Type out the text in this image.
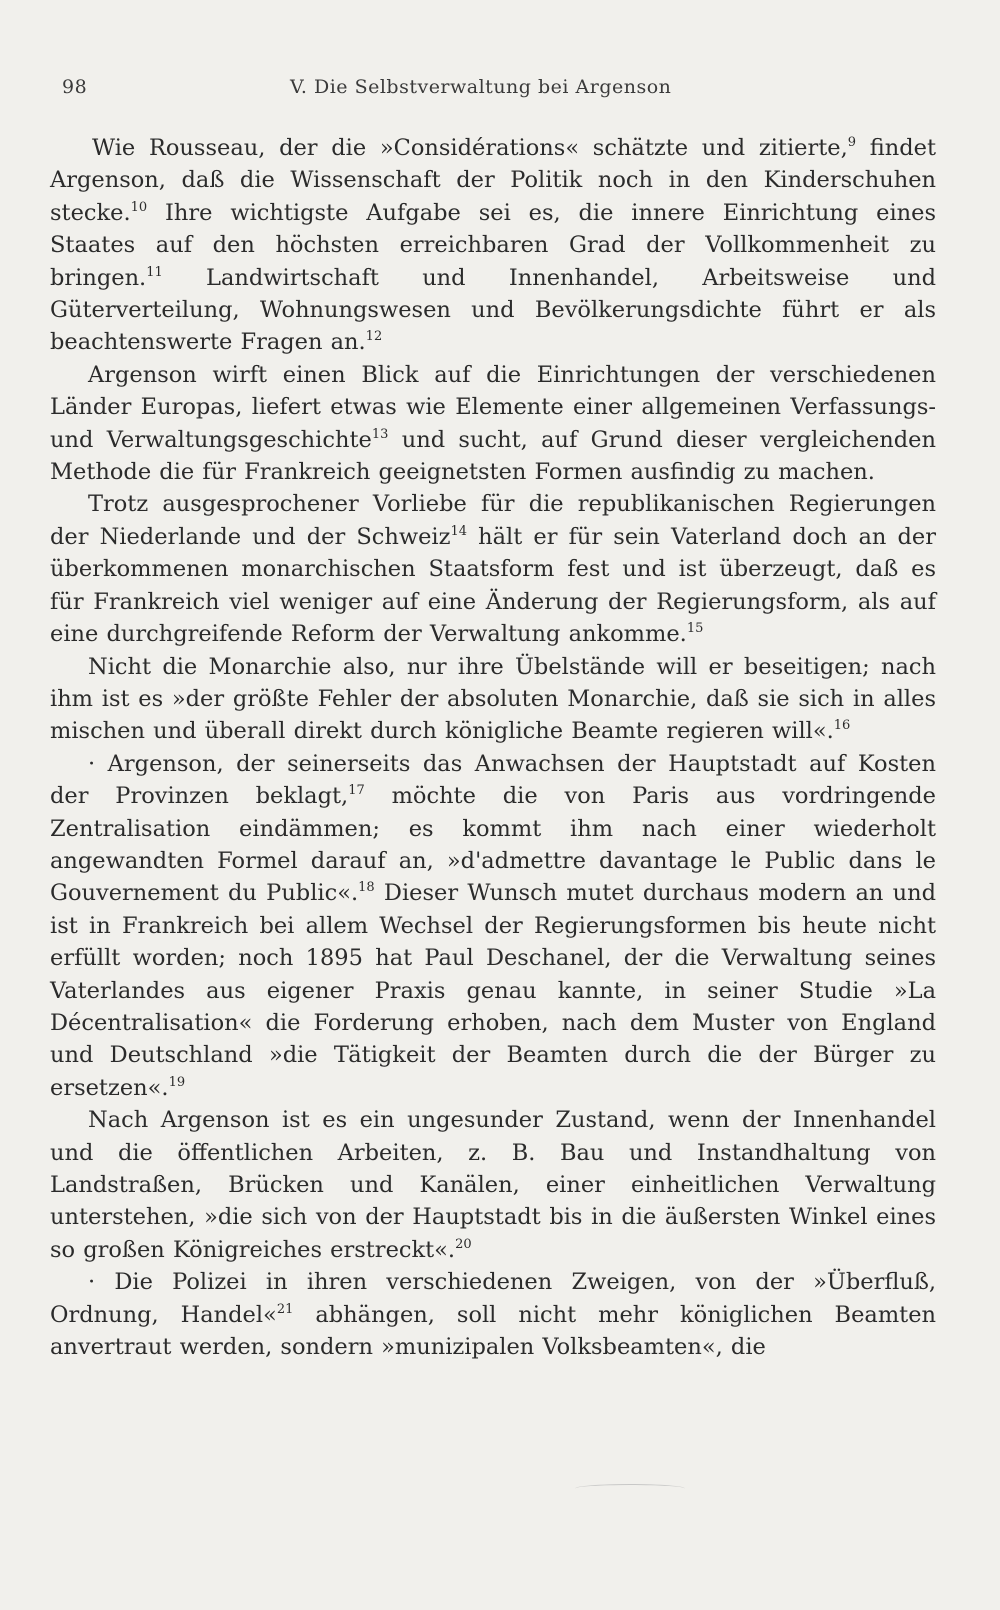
98	V. Die Selbstverwaltung bei Argenson

Wie Rousseau, der die »Considérations« schätzte und zitierte,$^9$ findet Argenson, daß die Wissenschaft der Politik noch in den Kinderschuhen stecke.$^{10}$ Ihre wichtigste Aufgabe sei es, die innere Einrichtung eines Staates auf den höchsten erreichbaren Grad der Vollkommenheit zu bringen.$^{11}$ Landwirtschaft und Innenhandel, Arbeitsweise und Güterverteilung, Wohnungswesen und Bevölkerungsdichte führt er als beachtenswerte Fragen an.$^{12}$

Argenson wirft einen Blick auf die Einrichtungen der verschiedenen Länder Europas, liefert etwas wie Elemente einer allgemeinen Verfassungs- und Verwaltungsgeschichte$^{13}$ und sucht, auf Grund dieser vergleichenden Methode die für Frankreich geeignetsten Formen ausfindig zu machen.

Trotz ausgesprochener Vorliebe für die republikanischen Regierungen der Niederlande und der Schweiz$^{14}$ hält er für sein Vaterland doch an der überkommenen monarchischen Staatsform fest und ist überzeugt, daß es für Frankreich viel weniger auf eine Änderung der Regierungsform, als auf eine durchgreifende Reform der Verwaltung ankomme.$^{15}$

Nicht die Monarchie also, nur ihre Übelstände will er beseitigen; nach ihm ist es »der größte Fehler der absoluten Monarchie, daß sie sich in alles mischen und überall direkt durch königliche Beamte regieren will«.$^{16}$

· Argenson, der seinerseits das Anwachsen der Hauptstadt auf Kosten der Provinzen beklagt,$^{17}$ möchte die von Paris aus vordringende Zentralisation eindämmen; es kommt ihm nach einer wiederholt angewandten Formel darauf an, »d'admettre davantage le Public dans le Gouvernement du Public«.$^{18}$ Dieser Wunsch mutet durchaus modern an und ist in Frankreich bei allem Wechsel der Regierungsformen bis heute nicht erfüllt worden; noch 1895 hat Paul Deschanel, der die Verwaltung seines Vaterlandes aus eigener Praxis genau kannte, in seiner Studie »La Décentralisation« die Forderung erhoben, nach dem Muster von England und Deutschland »die Tätigkeit der Beamten durch die der Bürger zu ersetzen«.$^{19}$

Nach Argenson ist es ein ungesunder Zustand, wenn der Innenhandel und die öffentlichen Arbeiten, z. B. Bau und Instandhaltung von Landstraßen, Brücken und Kanälen, einer einheitlichen Verwaltung unterstehen, »die sich von der Hauptstadt bis in die äußersten Winkel eines so großen Königreiches erstreckt«.$^{20}$

· Die Polizei in ihren verschiedenen Zweigen, von der »Überfluß, Ordnung, Handel«$^{21}$ abhängen, soll nicht mehr königlichen Beamten anvertraut werden, sondern »munizipalen Volksbeamten«, die
